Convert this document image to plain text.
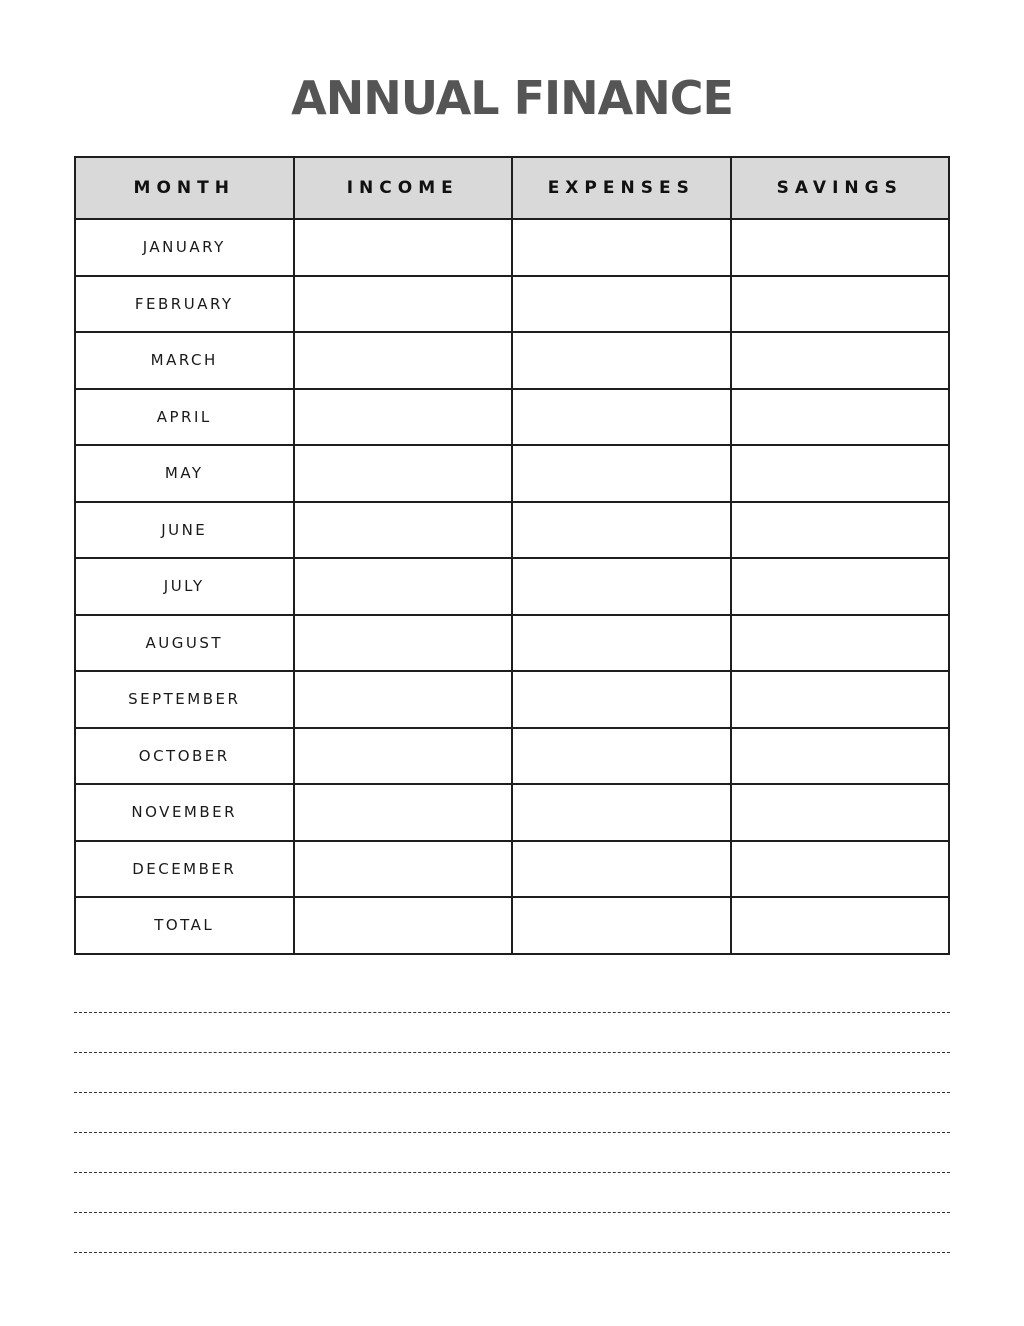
ANNUAL FINANCE
MONTH	INCOME	EXPENSES	SAVINGS
JANUARY			
FEBRUARY			
MARCH			
APRIL			
MAY			
JUNE			
JULY			
AUGUST			
SEPTEMBER			
OCTOBER			
NOVEMBER			
DECEMBER			
TOTAL			
